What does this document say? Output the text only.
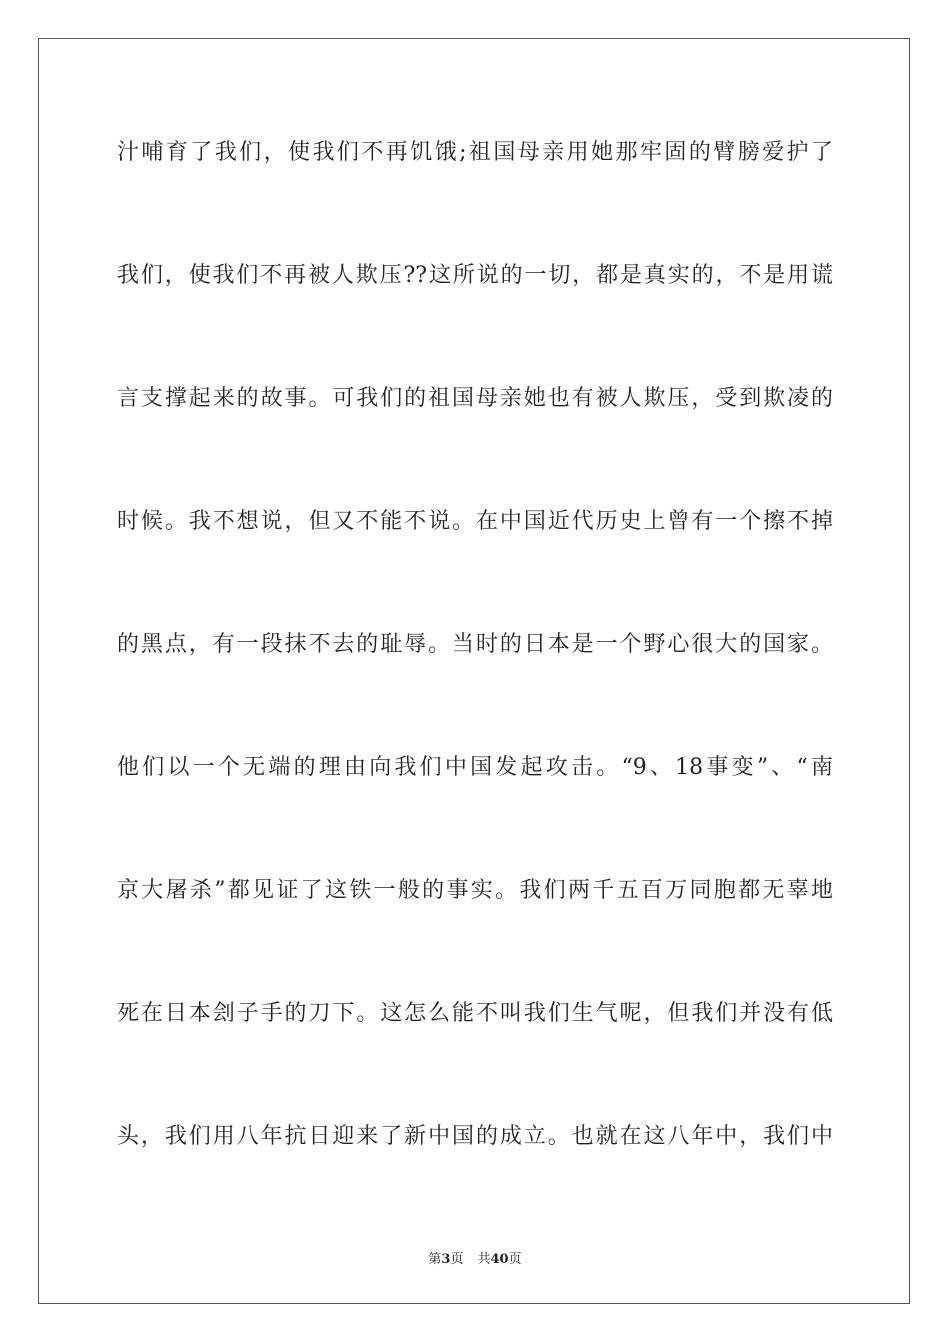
汁哺育了我们，使我们不再饥饿;祖国母亲用她那牢固的臂膀爱护了
我们，使我们不再被人欺压??这所说的一切，都是真实的，不是用谎
言支撑起来的故事。可我们的祖国母亲她也有被人欺压，受到欺凌的
时候。我不想说，但又不能不说。在中国近代历史上曾有一个擦不掉
的黑点，有一段抹不去的耻辱。当时的日本是一个野心很大的国家。
他们以一个无端的理由向我们中国发起攻击。“9、18事变”、“南
京大屠杀”都见证了这铁一般的事实。我们两千五百万同胞都无辜地
死在日本刽子手的刀下。这怎么能不叫我们生气呢，但我们并没有低
头，我们用八年抗日迎来了新中国的成立。也就在这八年中，我们中
第3页 共40页
